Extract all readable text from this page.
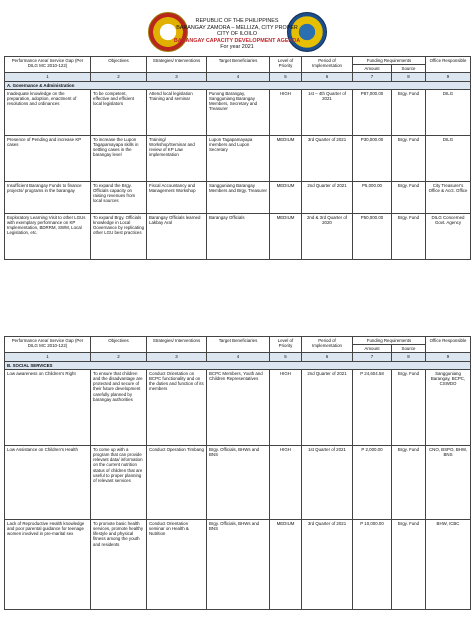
REPUBLIC OF THE PHILIPPINES
BARANGAY ZAMORA – MELLIZA, CITY PROPER
CITY OF ILOILO
BARANGAY CAPACITY DEVELOPMENT AGENDA
For year 2021
Performance Area/ Service Gap (Per DILG MC 2010-122)	Objectives	Strategies/ Interventions	Target Beneficiaries	Level of Priority	Period of Implementation	Funding Requirements		Office Responsible
						Amount	Source	
1	2	3	4	5	6	7	8	9
A. Governance & Administration								
Inadequate knowledge on the preparation, adoption, enactment of resolutions and ordinances	To be competent, effective and efficient local legislators	Attend local legislation Training and seminar	Punong Barangay, Sangguniang Barangay Members, Secretary and Treasurer	HIGH	1st – 4th Quarter of 2021	P87,000.00	Brgy. Fund	DILG
Presence of Pending and increase KP cases	To increase the Lupon Tagapamayapa skills in settling cases in the barangay level	Training/ Workshop/Seminar and review of KP Law implementation	Lupon Tagapamayapa members and Lupon Secretary	MEDIUM	3rd Quarter of 2021	P30,000.00	Brgy. Fund	DILG
Insufficient Barangay Funds to finance projects/ programs in the barangay	To expand the Brgy. Officials capacity on raising revenues from local sources	Fiscal Accountancy and Management Workshop	Sangguniang Barangay Members and Brgy. Treasurer	MEDIUM	2nd Quarter of 2021	P5,000.00	Brgy. Fund	City Treasurer's Office & Acct. Office
Exploratory Learning Visit to other LGUs with exemplary performance on KP Implementation, BDRRM, SWM, Local Legislation, etc.	To expand Brgy. Officials knowledge in Local Governance by replicating other LGU best practices	Barangay Officials learned Lakbay Aral	Barangay Officials	MEDIUM	2nd & 3rd Quarter of 2020	P50,000.00	Brgy. Fund	DILG Concerned Govt. Agency
Performance Area/ Service Gap (Per DILG MC 2010-122)	Objectives	Strategies/ Interventions	Target Beneficiaries	Level of Priority	Period of Implementation	Funding Requirements		Office Responsible
						Amount	Source	
1	2	3	4	5	6	7	8	9
B. SOCIAL SERVICES								
Low awareness on Children's Right	To ensure that children and the disadvantage are protected and secure of their future development carefully planned by barangay authorities	Conduct Orientation on BCPC functionality and on the duties and function of its members	BCPC Members, Youth and Children Representatives	HIGH	2nd Quarter of 2021	P 24,604.58	Brgy. Fund	Sangguniang Barangay, BCPC, CSWDO
Low Assistance on Children's Health	To come up with a program that can provide relevant data/ information on the current nutrition status of children that are useful to proper planning of relevant services	Conduct Operation Timbang	Brgy. Officials, BHWs and BNS	HIGH	1st Quarter of 2021	P 2,000.00	Brgy. Fund	CNO, BSPO, BHW, BNS
Lack of Reproductive Health knowledge and poor parental guidance for teenage women involved in pre-marital sex	To promote basic health services, promote healthy lifestyle and physical fitness among the youth and residents	Conduct Orientation seminar on Health & Nutrition	Brgy. Officials, BHWs and BNS	MEDIUM	3rd Quarter of 2021	P 10,000.00	Brgy. Fund	BHW, ICBC
